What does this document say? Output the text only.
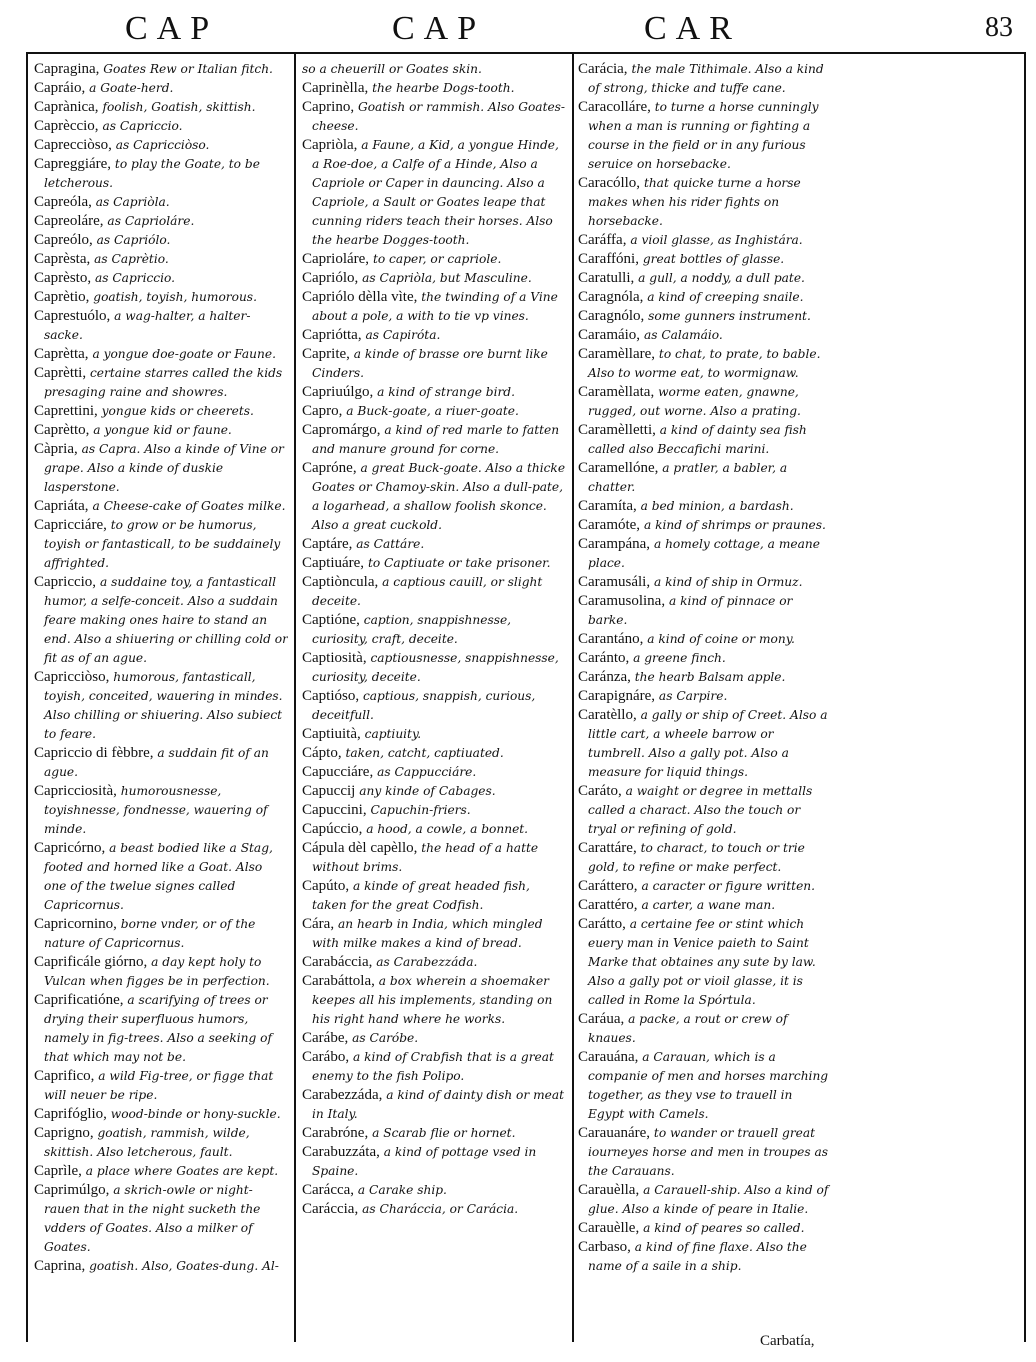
CAP	CAP	CAR	83

Capragina, Goates Rew or Italian fitch.

Capráio, a Goate-herd.

Caprànica, foolish, Goatish, skittish.

Caprèccio, as Capriccio.

Caprecciòso, as Capricciòso.

Capreggiáre, to play the Goate, to be letcherous.

Capreóla, as Capriòla.

Capreoláre, as Caprioláre.

Capreólo, as Capriólo.

Caprèsta, as Caprètio.

Caprèsto, as Capriccio.

Caprètio, goatish, toyish, humorous.

Caprestuólo, a wag-halter, a halter-sacke.

Caprètta, a yongue doe-goate or Faune.

Caprètti, certaine starres called the kids presaging raine and showres.

Caprettini, yongue kids or cheerets.

Caprètto, a yongue kid or faune.

Càpria, as Capra. Also a kinde of Vine or grape. Also a kinde of duskie lasperstone.

Capriáta, a Cheese-cake of Goates milke.

Capricciáre, to grow or be humorus, toyish or fantasticall, to be suddainely affrighted.

Capriccio, a suddaine toy, a fantasticall humor, a selfe-conceit. Also a suddain feare making ones haire to stand an end. Also a shiuering or chilling cold or fit as of an ague.

Capricciòso, humorous, fantasticall, toyish, conceited, wauering in mindes. Also chilling or shiuering. Also subiect to feare.

Capriccio di fèbbre, a suddain fit of an ague.

Capricciosità, humorousnesse, toyishnesse, fondnesse, wauering of minde.

Capricórno, a beast bodied like a Stag, footed and horned like a Goat. Also one of the twelue signes called Capricornus.

Capricornino, borne vnder, or of the nature of Capricornus.

Caprificále giórno, a day kept holy to Vulcan when figges be in perfection.

Caprificatióne, a scarifying of trees or drying their superfluous humors, namely in fig-trees. Also a seeking of that which may not be.

Caprifico, a wild Fig-tree, or figge that will neuer be ripe.

Caprifóglio, wood-binde or hony-suckle.

Caprigno, goatish, rammish, wilde, skittish. Also letcherous, fault.

Caprìle, a place where Goates are kept.

Caprimúlgo, a skrich-owle or night-rauen that in the night sucketh the vdders of Goates. Also a milker of Goates.

Caprina, goatish. Also, Goates-dung. Al-

so a cheuerill or Goates skin.

Caprinèlla, the hearbe Dogs-tooth.

Caprino, Goatish or rammish. Also Goates-cheese.

Capriòla, a Faune, a Kid, a yongue Hinde, a Roe-doe, a Calfe of a Hinde, Also a Capriole or Caper in dauncing. Also a Capriole, a Sault or Goates leape that cunning riders teach their horses. Also the hearbe Dogges-tooth.

Caprioláre, to caper, or capriole.

Capriólo, as Capriòla, but Masculine.

Capriólo dèlla vìte, the twinding of a Vine about a pole, a with to tie vp vines.

Capriótta, as Capiróta.

Caprite, a kinde of brasse ore burnt like Cinders.

Capriuúlgo, a kind of strange bird.

Capro, a Buck-goate, a riuer-goate.

Capromárgo, a kind of red marle to fatten and manure ground for corne.

Capróne, a great Buck-goate. Also a thicke Goates or Chamoy-skin. Also a dull-pate, a logarhead, a shallow foolish skonce. Also a great cuckold.

Captáre, as Cattáre.

Captiuáre, to Captiuate or take prisoner.

Captiòncula, a captious cauill, or slight deceite.

Captióne, caption, snappishnesse, curiosity, craft, deceite.

Captiosità, captiousnesse, snappishnesse, curiosity, deceite.

Captióso, captious, snappish, curious, deceitfull.

Captiuità, captiuity.

Cápto, taken, catcht, captiuated.

Capucciáre, as Cappucciáre.

Capuccij any kinde of Cabages.

Capuccini, Capuchin-friers.

Capúccio, a hood, a cowle, a bonnet.

Cápula dèl capèllo, the head of a hatte without brims.

Capúto, a kinde of great headed fish, taken for the great Codfish.

Cára, an hearb in India, which mingled with milke makes a kind of bread.

Carabáccia, as Carabezzáda.

Carabáttola, a box wherein a shoemaker keepes all his implements, standing on his right hand where he works.

Carábe, as Caróbe.

Carábo, a kind of Crabfish that is a great enemy to the fish Polipo.

Carabezzáda, a kind of dainty dish or meat in Italy.

Carabróne, a Scarab flie or hornet.

Carabuzzáta, a kind of pottage vsed in Spaine.

Carácca, a Carake ship.

Caráccia, as Charáccia, or Carácia.

Carácia, the male Tithimale. Also a kind of strong, thicke and tuffe cane.

Caracolláre, to turne a horse cunningly when a man is running or fighting a course in the field or in any furious seruice on horsebacke.

Caracóllo, that quicke turne a horse makes when his rider fights on horsebacke.

Caráffa, a vioil glasse, as Inghistára.

Caraffóni, great bottles of glasse.

Caratulli, a gull, a noddy, a dull pate.

Caragnóla, a kind of creeping snaile.

Caragnólo, some gunners instrument.

Caramáio, as Calamáio.

Caramèllare, to chat, to prate, to bable. Also to worme eat, to wormignaw.

Caramèllata, worme eaten, gnawne, rugged, out worne. Also a prating.

Caramèlletti, a kind of dainty sea fish called also Beccafichi marini.

Caramellóne, a pratler, a babler, a chatter.

Caramíta, a bed minion, a bardash.

Caramóte, a kind of shrimps or praunes.

Carampána, a homely cottage, a meane place.

Caramusáli, a kind of ship in Ormuz.

Caramusolina, a kind of pinnace or barke.

Carantáno, a kind of coine or mony.

Caránto, a greene finch.

Caránza, the hearb Balsam apple.

Carapignáre, as Carpire.

Caratèllo, a gally or ship of Creet. Also a little cart, a wheele barrow or tumbrell. Also a gally pot. Also a measure for liquid things.

Caráto, a waight or degree in mettalls called a charact. Also the touch or tryal or refining of gold.

Carattáre, to charact, to touch or trie gold, to refine or make perfect.

Caráttero, a caracter or figure written.

Carattéro, a carter, a wane man.

Carátto, a certaine fee or stint which euery man in Venice paieth to Saint Marke that obtaines any sute by law. Also a gally pot or vioil glasse, it is called in Rome la Spórtula.

Caráua, a packe, a rout or crew of knaues.

Carauána, a Carauan, which is a companie of men and horses marching together, as they vse to trauell in Egypt with Camels.

Carauanáre, to wander or trauell great iourneyes horse and men in troupes as the Carauans.

Carauèlla, a Carauell-ship. Also a kind of glue. Also a kinde of peare in Italie.

Carauèlle, a kind of peares so called.

Carbaso, a kind of fine flaxe. Also the name of a saile in a ship.

Carbatía,
